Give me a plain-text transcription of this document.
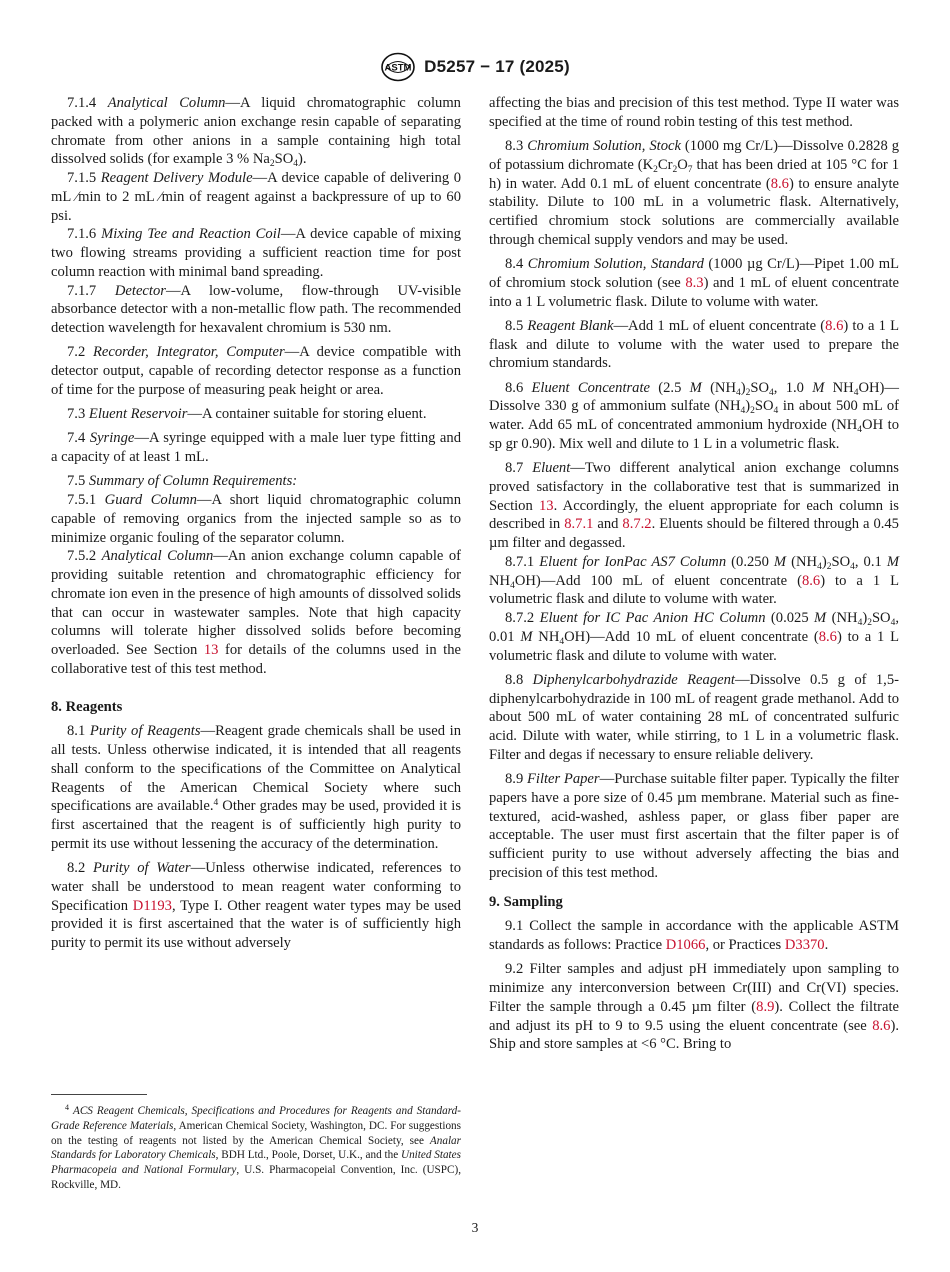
ASTM D5257 − 17 (2025)

7.1.4 Analytical Column—A liquid chromatographic column packed with a polymeric anion exchange resin capable of separating chromate from other anions in a sample containing high total dissolved solids (for example 3 % $Na_2SO_4$).

7.1.5 Reagent Delivery Module—A device capable of delivering 0 mL ⁄min to 2 mL ⁄min of reagent against a backpressure of up to 60 psi.

7.1.6 Mixing Tee and Reaction Coil—A device capable of mixing two flowing streams providing a sufficient reaction time for post column reaction with minimal band spreading.

7.1.7 Detector—A low-volume, flow-through UV-visible absorbance detector with a non-metallic flow path. The recommended detection wavelength for hexavalent chromium is 530 nm.

7.2 Recorder, Integrator, Computer—A device compatible with detector output, capable of recording detector response as a function of time for the purpose of measuring peak height or area.

7.3 Eluent Reservoir—A container suitable for storing eluent.

7.4 Syringe—A syringe equipped with a male luer type fitting and a capacity of at least 1 mL.

7.5 Summary of Column Requirements:

7.5.1 Guard Column—A short liquid chromatographic column capable of removing organics from the injected sample so as to minimize organic fouling of the separator column.

7.5.2 Analytical Column—An anion exchange column capable of providing suitable retention and chromatographic efficiency for chromate ion even in the presence of high amounts of dissolved solids that can occur in wastewater samples. Note that high capacity columns will tolerate higher dissolved solids before becoming overloaded. See Section 13 for details of the columns used in the collaborative test of this test method.

8. Reagents

8.1 Purity of Reagents—Reagent grade chemicals shall be used in all tests. Unless otherwise indicated, it is intended that all reagents shall conform to the specifications of the Committee on Analytical Reagents of the American Chemical Society where such specifications are available.$^4$ Other grades may be used, provided it is first ascertained that the reagent is of sufficiently high purity to permit its use without lessening the accuracy of the determination.

8.2 Purity of Water—Unless otherwise indicated, references to water shall be understood to mean reagent water conforming to Specification D1193, Type I. Other reagent water types may be used provided it is first ascertained that the water is of sufficiently high purity to permit its use without adversely

affecting the bias and precision of this test method. Type II water was specified at the time of round robin testing of this test method.

8.3 Chromium Solution, Stock (1000 mg Cr/L)—Dissolve 0.2828 g of potassium dichromate ($K_2Cr_2O_7$ that has been dried at 105 °C for 1 h) in water. Add 0.1 mL of eluent concentrate (8.6) to ensure analyte stability. Dilute to 100 mL in a volumetric flask. Alternatively, certified chromium stock solutions are commercially available through chemical supply vendors and may be used.

8.4 Chromium Solution, Standard (1000 µg Cr/L)—Pipet 1.00 mL of chromium stock solution (see 8.3) and 1 mL of eluent concentrate into a 1 L volumetric flask. Dilute to volume with water.

8.5 Reagent Blank—Add 1 mL of eluent concentrate (8.6) to a 1 L flask and dilute to volume with the water used to prepare the chromium standards.

8.6 Eluent Concentrate (2.5 M $(NH_4)_2SO_4$, 1.0 M $NH_4OH)—Dissolve$ 330 g of ammonium sulfate $(NH_4)_2SO_4$ in about 500 mL of water. Add 65 mL of concentrated ammonium hydroxide ($NH_4OH$ to sp gr 0.90). Mix well and dilute to 1 L in a volumetric flask.

8.7 Eluent—Two different analytical anion exchange columns proved satisfactory in the collaborative test that is summarized in Section 13. Accordingly, the eluent appropriate for each column is described in 8.7.1 and 8.7.2. Eluents should be filtered through a 0.45 µm filter and degassed.

8.7.1 Eluent for IonPac AS7 Column (0.250 M $(NH_4)_2SO_4$, 0.1 M $NH_4OH)—Add$ 100 mL of eluent concentrate (8.6) to a 1 L volumetric flask and dilute to volume with water.

8.7.2 Eluent for IC Pac Anion HC Column (0.025 M $(NH_4)_2SO_4$, 0.01 M $NH_4OH)—Add$ 10 mL of eluent concentrate (8.6) to a 1 L volumetric flask and dilute to volume with water.

8.8 Diphenylcarbohydrazide Reagent—Dissolve 0.5 g of 1,5-diphenylcarbohydrazide in 100 mL of reagent grade methanol. Add to about 500 mL of water containing 28 mL of concentrated sulfuric acid. Dilute with water, while stirring, to 1 L in a volumetric flask. Filter and degas if necessary to ensure reliable delivery.

8.9 Filter Paper—Purchase suitable filter paper. Typically the filter papers have a pore size of 0.45 µm membrane. Material such as fine-textured, acid-washed, ashless paper, or glass fiber paper are acceptable. The user must first ascertain that the filter paper is of sufficient purity to use without adversely affecting the bias and precision of this test method.

9. Sampling

9.1 Collect the sample in accordance with the applicable ASTM standards as follows: Practice D1066, or Practices D3370.

9.2 Filter samples and adjust pH immediately upon sampling to minimize any interconversion between Cr(III) and Cr(VI) species. Filter the sample through a 0.45 µm filter (8.9). Collect the filtrate and adjust its pH to 9 to 9.5 using the eluent concentrate (see 8.6). Ship and store samples at <6 °C. Bring to

$^4$ ACS Reagent Chemicals, Specifications and Procedures for Reagents and Standard-Grade Reference Materials, American Chemical Society, Washington, DC. For suggestions on the testing of reagents not listed by the American Chemical Society, see Analar Standards for Laboratory Chemicals, BDH Ltd., Poole, Dorset, U.K., and the United States Pharmacopeia and National Formulary, U.S. Pharmacopeial Convention, Inc. (USPC), Rockville, MD.
3
